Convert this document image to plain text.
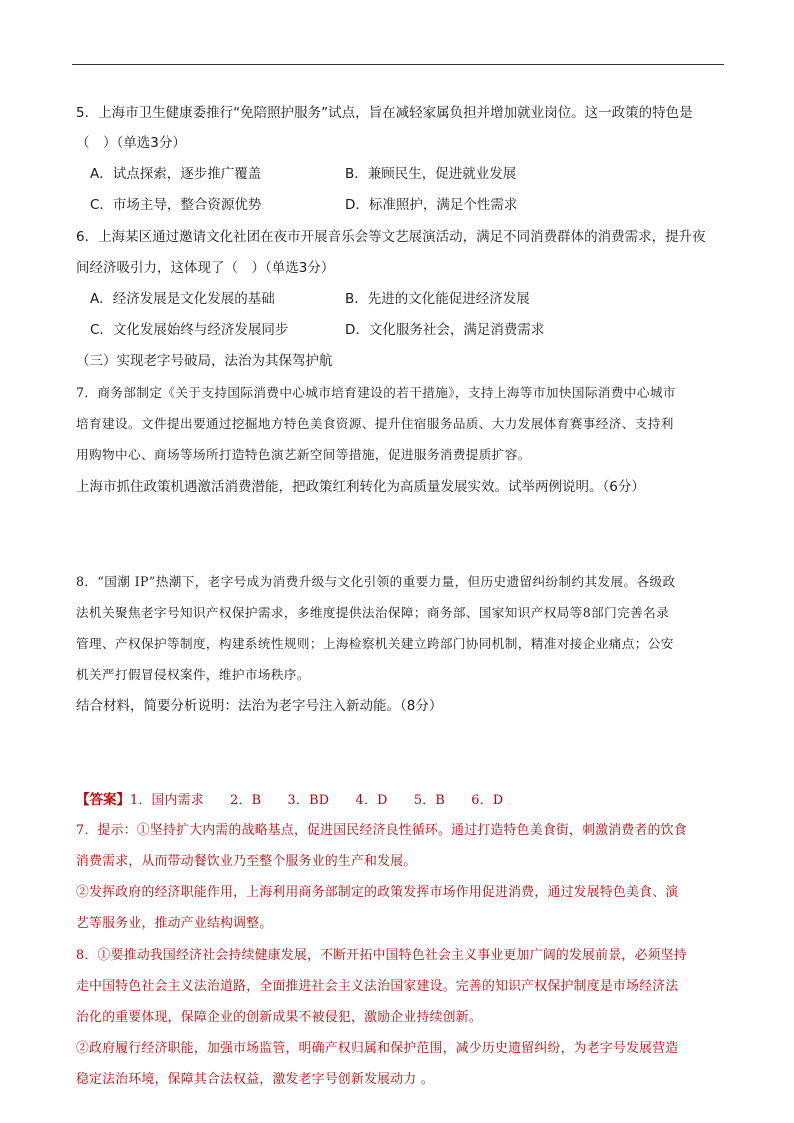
5．上海市卫生健康委推行“免陪照护服务”试点，旨在减轻家属负担并增加就业岗位。这一政策的特色是
（　）（单选3分）
A．试点探索，逐步推广覆盖	B．兼顾民生，促进就业发展
C．市场主导，整合资源优势	D．标准照护，满足个性需求
6．上海某区通过邀请文化社团在夜市开展音乐会等文艺展演活动，满足不同消费群体的消费需求，提升夜
间经济吸引力，这体现了（　）（单选3分）
A．经济发展是文化发展的基础	B．先进的文化能促进经济发展
C．文化发展始终与经济发展同步	D．文化服务社会，满足消费需求
（三）实现老字号破局，法治为其保驾护航
7．商务部制定《关于支持国际消费中心城市培育建设的若干措施》，支持上海等市加快国际消费中心城市
培育建设。文件提出要通过挖掘地方特色美食资源、提升住宿服务品质、大力发展体育赛事经济、支持利
用购物中心、商场等场所打造特色演艺新空间等措施，促进服务消费提质扩容。
上海市抓住政策机遇激活消费潜能，把政策红利转化为高质量发展实效。试举两例说明。（6分）
8．“国潮 IP”热潮下，老字号成为消费升级与文化引领的重要力量，但历史遗留纠纷制约其发展。各级政
法机关聚焦老字号知识产权保护需求，多维度提供法治保障；商务部、国家知识产权局等8部门完善名录
管理、产权保护等制度，构建系统性规则；上海检察机关建立跨部门协同机制，精准对接企业痛点；公安
机关严打假冒侵权案件，维护市场秩序。
结合材料，简要分析说明：法治为老字号注入新动能。（8分）
【答案】1．国内需求　　2．B　　3．BD　　4．D　　5．B　　6．D
7．提示：①坚持扩大内需的战略基点，促进国民经济良性循环。通过打造特色美食街，刺激消费者的饮食
消费需求，从而带动餐饮业乃至整个服务业的生产和发展。
②发挥政府的经济职能作用，上海利用商务部制定的政策发挥市场作用促进消费，通过发展特色美食、演
艺等服务业，推动产业结构调整。
8．①要推动我国经济社会持续健康发展，不断开拓中国特色社会主义事业更加广阔的发展前景，必须坚持
走中国特色社会主义法治道路，全面推进社会主义法治国家建设。完善的知识产权保护制度是市场经济法
治化的重要体现，保障企业的创新成果不被侵犯，激励企业持续创新。
②政府履行经济职能，加强市场监管，明确产权归属和保护范围，减少历史遗留纠纷，为老字号发展营造
稳定法治环境，保障其合法权益，激发老字号创新发展动力 。
